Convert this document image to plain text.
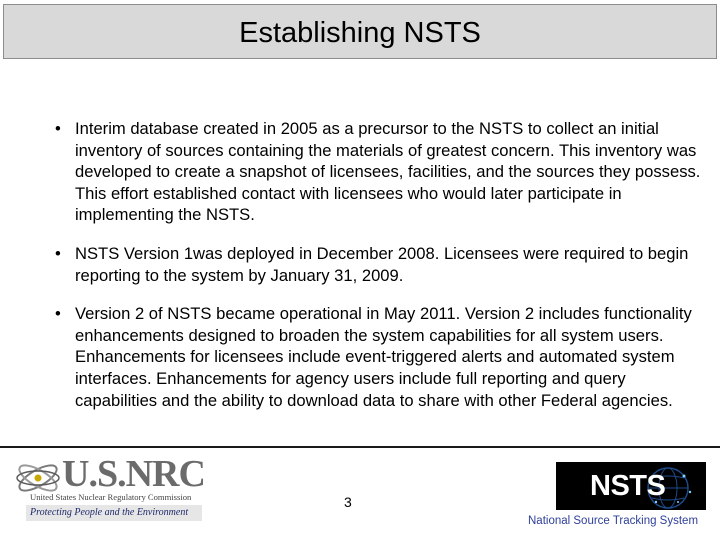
Establishing NSTS
• Interim database created in 2005 as a precursor to the NSTS to collect an initial inventory of sources containing the materials of greatest concern. This inventory was developed to create a snapshot of licensees, facilities, and the sources they possess. This effort established contact with licensees who would later participate in implementing the NSTS.
• NSTS Version 1was deployed in December 2008. Licensees were required to begin reporting to the system by January 31, 2009.
• Version 2 of NSTS became operational in May 2011. Version 2 includes functionality enhancements designed to broaden the system capabilities for all system users. Enhancements for licensees include event-triggered alerts and automated system interfaces. Enhancements for agency users include full reporting and query capabilities and the ability to download data to share with other Federal agencies.
U.S.NRC
United States Nuclear Regulatory Commission
Protecting People and the Environment
3	NSTS
National Source Tracking System
